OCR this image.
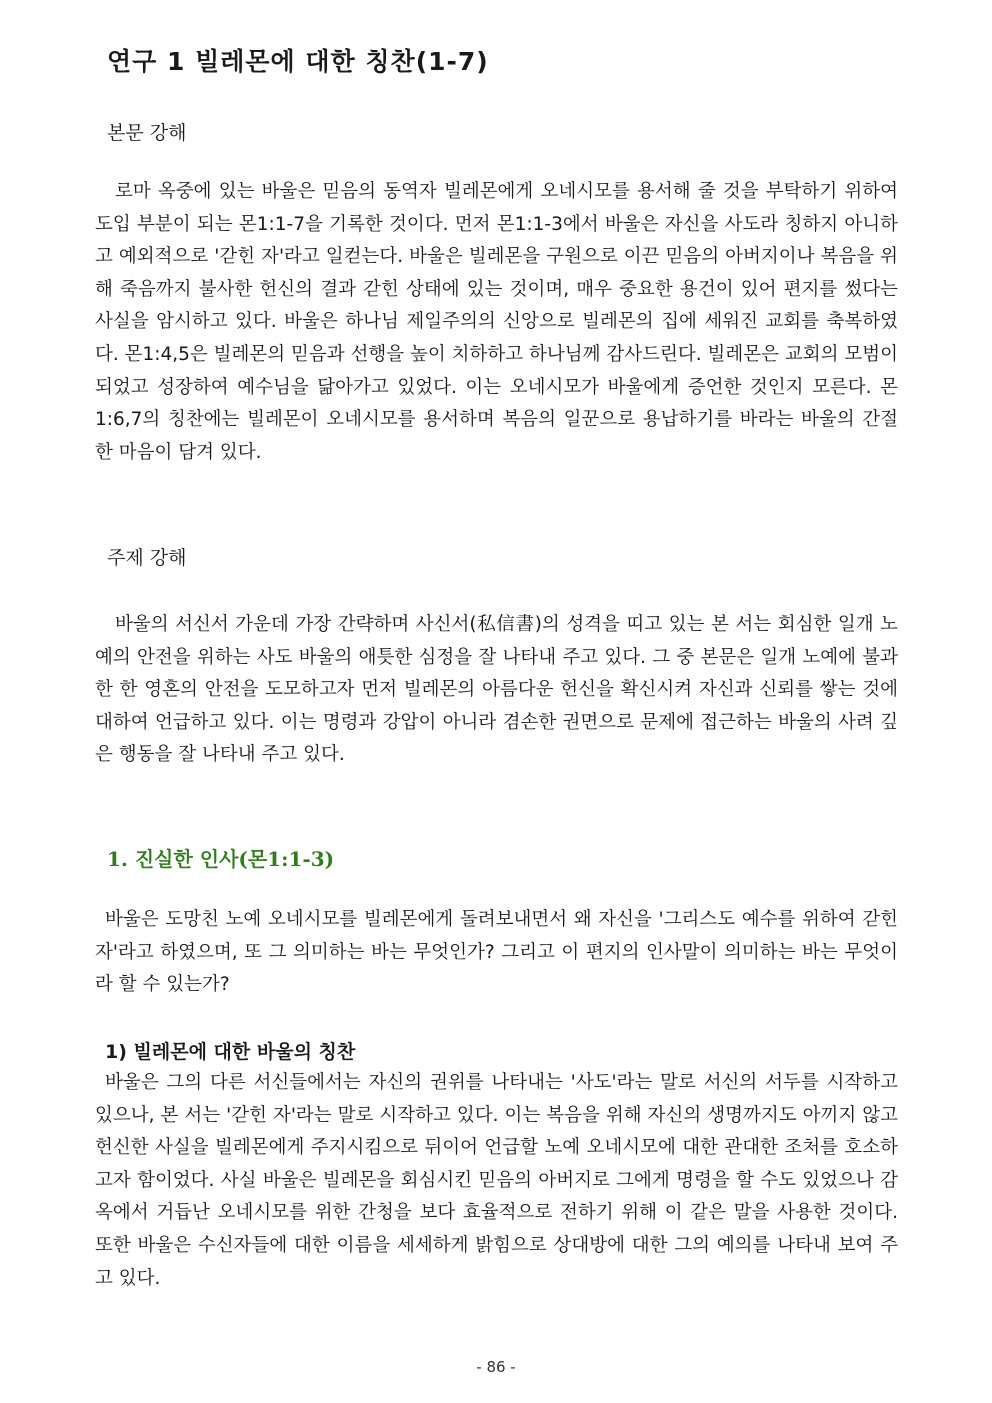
연구 1 빌레몬에 대한 칭찬(1-7)
본문 강해
로마 옥중에 있는 바울은 믿음의 동역자 빌레몬에게 오네시모를 용서해 줄 것을 부탁하기 위하여 도입 부분이 되는 몬1:1-7을 기록한 것이다. 먼저 몬1:1-3에서 바울은 자신을 사도라 칭하지 아니하고 예외적으로 '갇힌 자'라고 일컫는다. 바울은 빌레몬을 구원으로 이끈 믿음의 아버지이나 복음을 위해 죽음까지 불사한 헌신의 결과 갇힌 상태에 있는 것이며, 매우 중요한 용건이 있어 편지를 썼다는 사실을 암시하고 있다. 바울은 하나님 제일주의의 신앙으로 빌레몬의 집에 세워진 교회를 축복하였다. 몬1:4,5은 빌레몬의 믿음과 선행을 높이 치하하고 하나님께 감사드린다. 빌레몬은 교회의 모범이 되었고 성장하여 예수님을 닮아가고 있었다. 이는 오네시모가 바울에게 증언한 것인지 모른다. 몬1:6,7의 칭찬에는 빌레몬이 오네시모를 용서하며 복음의 일꾼으로 용납하기를 바라는 바울의 간절한 마음이 담겨 있다.
주제 강해
바울의 서신서 가운데 가장 간략하며 사신서(私信書)의 성격을 띠고 있는 본 서는 회심한 일개 노예의 안전을 위하는 사도 바울의 애틋한 심정을 잘 나타내 주고 있다. 그 중 본문은 일개 노예에 불과한 한 영혼의 안전을 도모하고자 먼저 빌레몬의 아름다운 헌신을 확신시켜 자신과 신뢰를 쌓는 것에 대하여 언급하고 있다. 이는 명령과 강압이 아니라 겸손한 권면으로 문제에 접근하는 바울의 사려 깊은 행동을 잘 나타내 주고 있다.
1. 진실한 인사(몬1:1-3)
바울은 도망친 노예 오네시모를 빌레몬에게 돌려보내면서 왜 자신을 '그리스도 예수를 위하여 갇힌 자'라고 하였으며, 또 그 의미하는 바는 무엇인가? 그리고 이 편지의 인사말이 의미하는 바는 무엇이라 할 수 있는가?
1) 빌레몬에 대한 바울의 칭찬
바울은 그의 다른 서신들에서는 자신의 권위를 나타내는 '사도'라는 말로 서신의 서두를 시작하고 있으나, 본 서는 '갇힌 자'라는 말로 시작하고 있다. 이는 복음을 위해 자신의 생명까지도 아끼지 않고 헌신한 사실을 빌레몬에게 주지시킴으로 뒤이어 언급할 노예 오네시모에 대한 관대한 조처를 호소하고자 함이었다. 사실 바울은 빌레몬을 회심시킨 믿음의 아버지로 그에게 명령을 할 수도 있었으나 감옥에서 거듭난 오네시모를 위한 간청을 보다 효율적으로 전하기 위해 이 같은 말을 사용한 것이다. 또한 바울은 수신자들에 대한 이름을 세세하게 밝힘으로 상대방에 대한 그의 예의를 나타내 보여 주고 있다.
- 86 -
